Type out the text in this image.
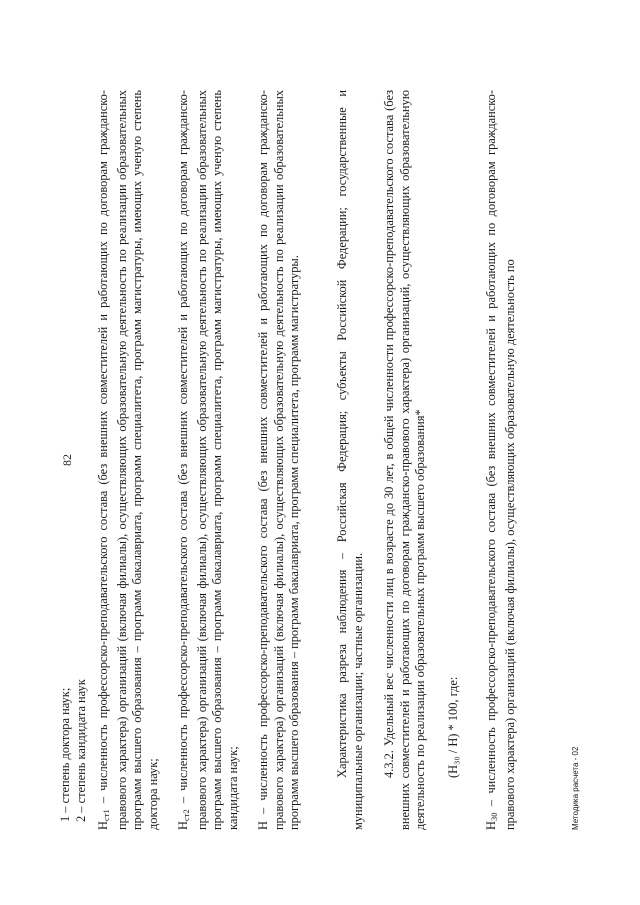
82
1 – степень доктора наук; 2 – степень кандидата наук

$Н_{ст1}$ – численность профессорско-преподавательского состава (без внешних совместителей и работающих по договорам гражданско-правового характера) организаций (включая филиалы), осуществляющих образовательную деятельность по реализации образовательных программ высшего образования – программ бакалавриата, программ специалитета, программ магистратуры, имеющих ученую степень доктора наук; $Н_{ст2}$ – численность профессорско-преподавательского состава (без внешних совместителей и работающих по договорам гражданско-правового характера) организаций (включая филиалы), осуществляющих образовательную деятельность по реализации образовательных программ высшего образования – программ бакалавриата, программ специалитета, программ магистратуры, имеющих ученую степень кандидата наук; Н – численность профессорско-преподавательского состава (без внешних совместителей и работающих по договорам гражданско-правового характера) организаций (включая филиалы), осуществляющих образовательную деятельность по реализации образовательных программ высшего образования – программ бакалавриата, программ специалитета, программ магистратуры.	Характеристика разреза наблюдения – Российская Федерация; субъекты Российской Федерации; государственные и муниципальные организации; частные организации. 4.3.2. Удельный вес численности лиц в возрасте до 30 лет, в общей численности профессорско-преподавательского состава (без внешних совместителей и работающих по договорам гражданско-правового характера) организаций, осуществляющих образовательную деятельность по реализации образовательных программ высшего образования* (Н₃₀ / Н) * 100, где:

$Н_{30}$ – численность профессорско-преподавательского состава (без внешних совместителей и работающих по договорам гражданско-правового характера) организаций (включая филиалы), осуществляющих образовательную деятельность по	Методика расчета - 02
